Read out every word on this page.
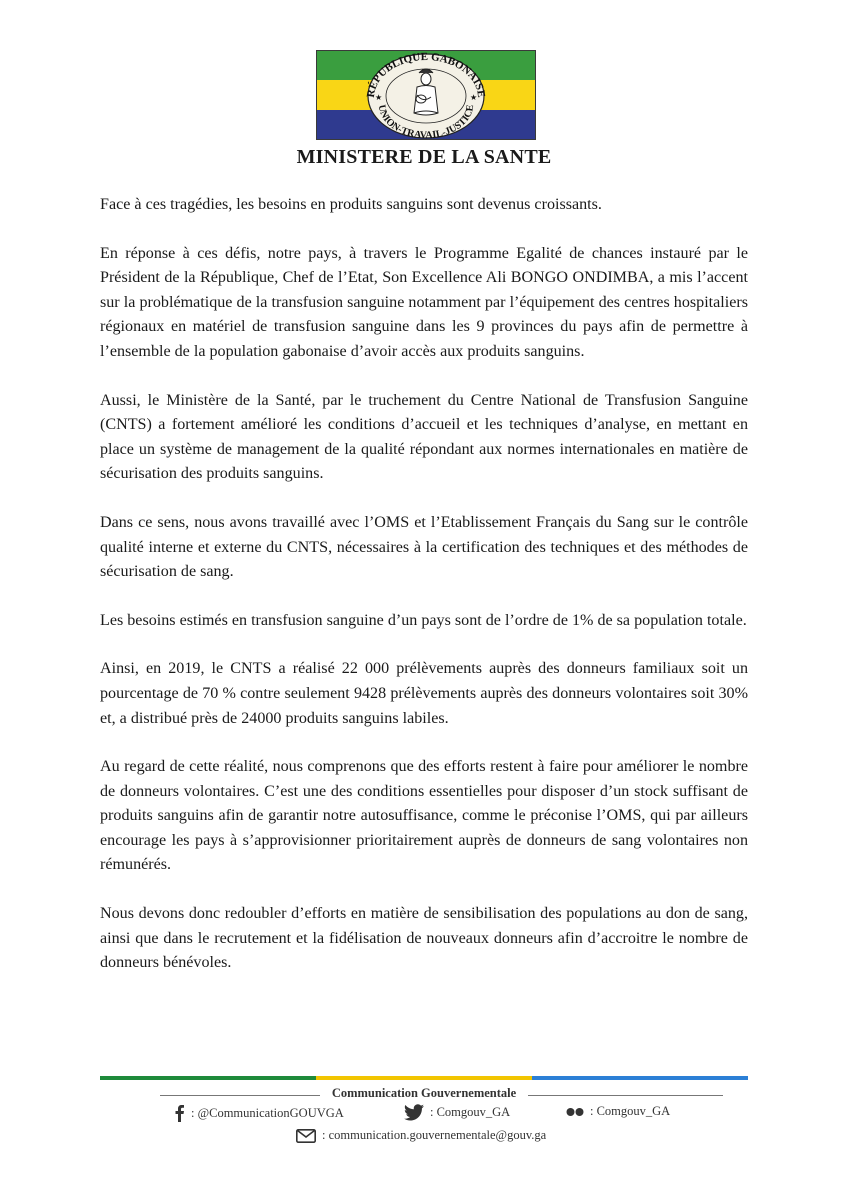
RÉPUBLIQUE GABONAISE
UNION-TRAVAIL-JUSTICE
★	★
MINISTERE DE LA SANTE

Face à ces tragédies, les besoins en produits sanguins sont devenus croissants.

En réponse à ces défis, notre pays, à travers le Programme Egalité de chances instauré par le Président de la République, Chef de l’Etat, Son Excellence Ali BONGO ONDIMBA, a mis l’accent sur la problématique de la transfusion sanguine notamment par l’équipement des centres hospitaliers régionaux en matériel de transfusion sanguine dans les 9 provinces du pays afin de permettre à l’ensemble de la population gabonaise d’avoir accès aux produits sanguins.

Aussi, le Ministère de la Santé, par le truchement du Centre National de Transfusion Sanguine (CNTS) a fortement amélioré les conditions d’accueil et les techniques d’analyse, en mettant en place un système de management de la qualité répondant aux normes internationales en matière de sécurisation des produits sanguins.

Dans ce sens, nous avons travaillé avec l’OMS et l’Etablissement Français du Sang sur le contrôle qualité interne et externe du CNTS, nécessaires à la certification des techniques et des méthodes de sécurisation de sang.

Les besoins estimés en transfusion sanguine d’un pays sont de l’ordre de 1% de sa population totale.

Ainsi, en 2019, le CNTS a réalisé 22 000 prélèvements auprès des donneurs familiaux soit un pourcentage de 70 % contre seulement 9428 prélèvements auprès des donneurs volontaires soit 30% et, a distribué près de 24000 produits sanguins labiles.

Au regard de cette réalité, nous comprenons que des efforts restent à faire pour améliorer le nombre de donneurs volontaires. C’est une des conditions essentielles pour disposer d’un stock suffisant de produits sanguins afin de garantir notre autosuffisance, comme le préconise l’OMS, qui par ailleurs encourage les pays à s’approvisionner prioritairement auprès de donneurs de sang volontaires non rémunérés.

Nous devons donc redoubler d’efforts en matière de sensibilisation des populations au don de sang, ainsi que dans le recrutement et la fidélisation de nouveaux donneurs afin d’accroitre le nombre de donneurs bénévoles.

Communication Gouvernementale
: @CommunicationGOUVGA	: Comgouv_GA	: Comgouv_GA
: communication.gouvernementale@gouv.ga
